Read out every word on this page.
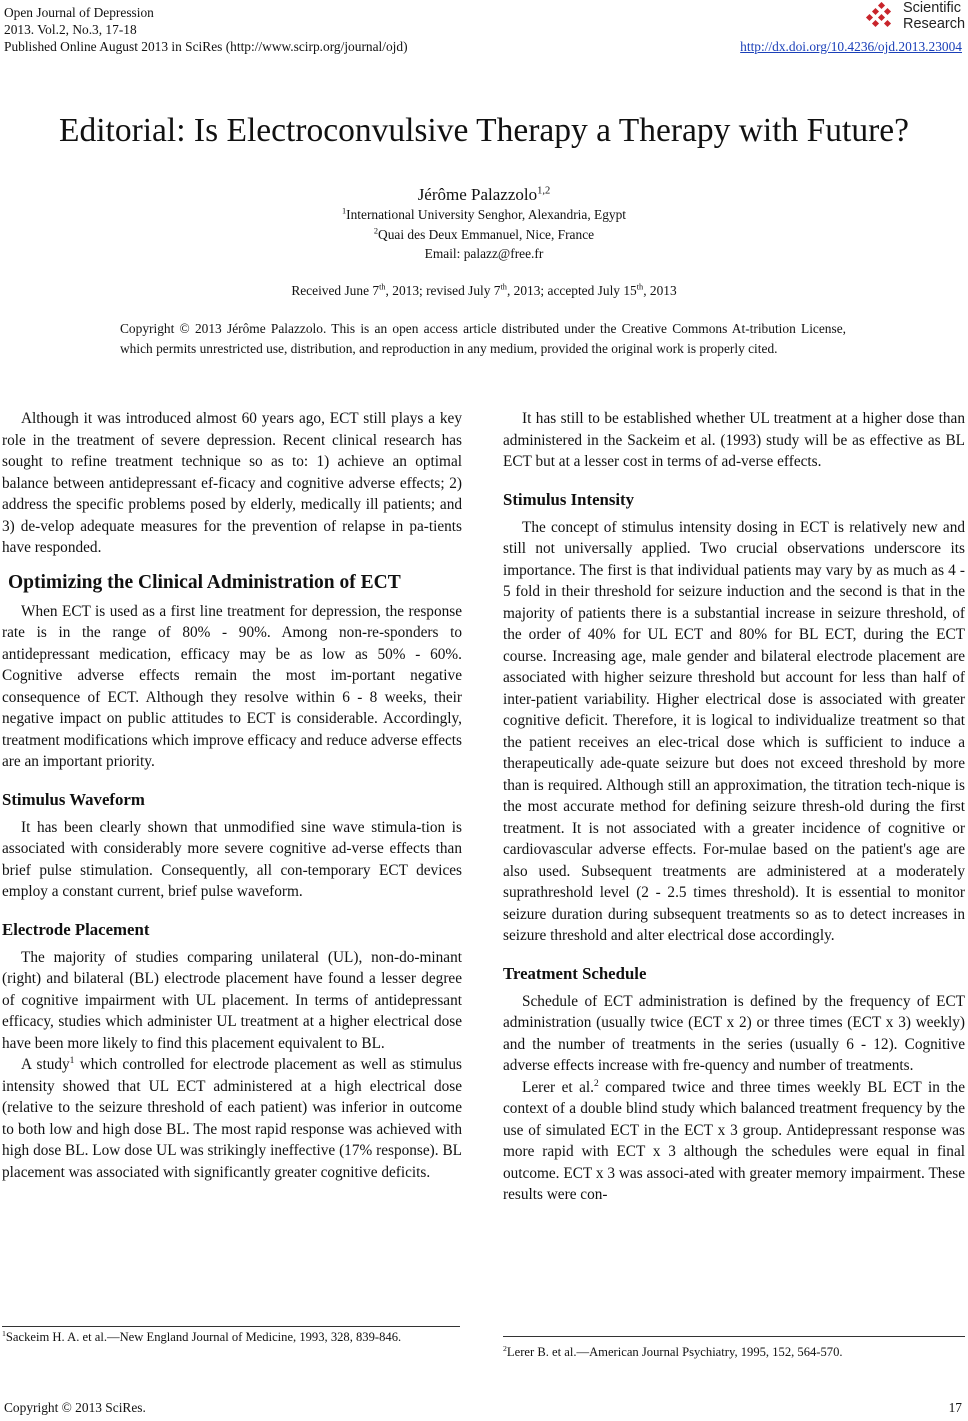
Open Journal of Depression
2013. Vol.2, No.3, 17-18
Published Online August 2013 in SciRes (http://www.scirp.org/journal/ojd)	http://dx.doi.org/10.4236/ojd.2013.23004
Scientific
Research
Editorial: Is Electroconvulsive Therapy a Therapy with Future?
Jérôme Palazzolo$^{1,2}$
$^1$International University Senghor, Alexandria, Egypt
$^2$Quai des Deux Emmanuel, Nice, France
Email: palazz@free.fr
Received June 7th, 2013; revised July 7th, 2013; accepted July 15th, 2013
Copyright © 2013 Jérôme Palazzolo. This is an open access article distributed under the Creative Commons At-tribution License, which permits unrestricted use, distribution, and reproduction in any medium, provided the original work is properly cited.

Although it was introduced almost 60 years ago, ECT still plays a key role in the treatment of severe depression. Recent clinical research has sought to refine treatment technique so as to: 1) achieve an optimal balance between antidepressant ef-ficacy and cognitive adverse effects; 2) address the specific problems posed by elderly, medically ill patients; and 3) de-velop adequate measures for the prevention of relapse in pa-tients have responded.

Optimizing the Clinical Administration of ECT

When ECT is used as a first line treatment for depression, the response rate is in the range of 80% - 90%. Among non-re-sponders to antidepressant medication, efficacy may be as low as 50% - 60%. Cognitive adverse effects remain the most im-portant negative consequence of ECT. Although they resolve within 6 - 8 weeks, their negative impact on public attitudes to ECT is considerable. Accordingly, treatment modifications which improve efficacy and reduce adverse effects are an important priority.

Stimulus Waveform

It has been clearly shown that unmodified sine wave stimula-tion is associated with considerably more severe cognitive ad-verse effects than brief pulse stimulation. Consequently, all con-temporary ECT devices employ a constant current, brief pulse waveform.

Electrode Placement

The majority of studies comparing unilateral (UL), non-do-minant (right) and bilateral (BL) electrode placement have found a lesser degree of cognitive impairment with UL placement. In terms of antidepressant efficacy, studies which administer UL treatment at a higher electrical dose have been more likely to find this placement equivalent to BL.

A study$^1$ which controlled for electrode placement as well as stimulus intensity showed that UL ECT administered at a high electrical dose (relative to the seizure threshold of each patient) was inferior in outcome to both low and high dose BL. The most rapid response was achieved with high dose BL. Low dose UL was strikingly ineffective (17% response). BL placement was associated with significantly greater cognitive deficits.

$^1$Sackeim H. A. et al.—New England Journal of Medicine, 1993, 328, 839-846.

It has still to be established whether UL treatment at a higher dose than administered in the Sackeim et al. (1993) study will be as effective as BL ECT but at a lesser cost in terms of ad-verse effects.

Stimulus Intensity

The concept of stimulus intensity dosing in ECT is relatively new and still not universally applied. Two crucial observations underscore its importance. The first is that individual patients may vary by as much as 4 - 5 fold in their threshold for seizure induction and the second is that in the majority of patients there is a substantial increase in seizure threshold, of the order of 40% for UL ECT and 80% for BL ECT, during the ECT course. Increasing age, male gender and bilateral electrode placement are associated with higher seizure threshold but account for less than half of inter-patient variability. Higher electrical dose is associated with greater cognitive deficit. Therefore, it is logical to individualize treatment so that the patient receives an elec-trical dose which is sufficient to induce a therapeutically ade-quate seizure but does not exceed threshold by more than is required. Although still an approximation, the titration tech-nique is the most accurate method for defining seizure thresh-old during the first treatment. It is not associated with a greater incidence of cognitive or cardiovascular adverse effects. For-mulae based on the patient's age are also used. Subsequent treatments are administered at a moderately suprathreshold level (2 - 2.5 times threshold). It is essential to monitor seizure duration during subsequent treatments so as to detect increases in seizure threshold and alter electrical dose accordingly.

Treatment Schedule

Schedule of ECT administration is defined by the frequency of ECT administration (usually twice (ECT x 2) or three times (ECT x 3) weekly) and the number of treatments in the series (usually 6 - 12). Cognitive adverse effects increase with fre-quency and number of treatments.

Lerer et al.$^2$ compared twice and three times weekly BL ECT in the context of a double blind study which balanced treatment frequency by the use of simulated ECT in the ECT x 3 group. Antidepressant response was more rapid with ECT x 3 although the schedules were equal in final outcome. ECT x 3 was associ-ated with greater memory impairment. These results were con-

$^2$Lerer B. et al.—American Journal Psychiatry, 1995, 152, 564-570.
Copyright © 2013 SciRes.	17
